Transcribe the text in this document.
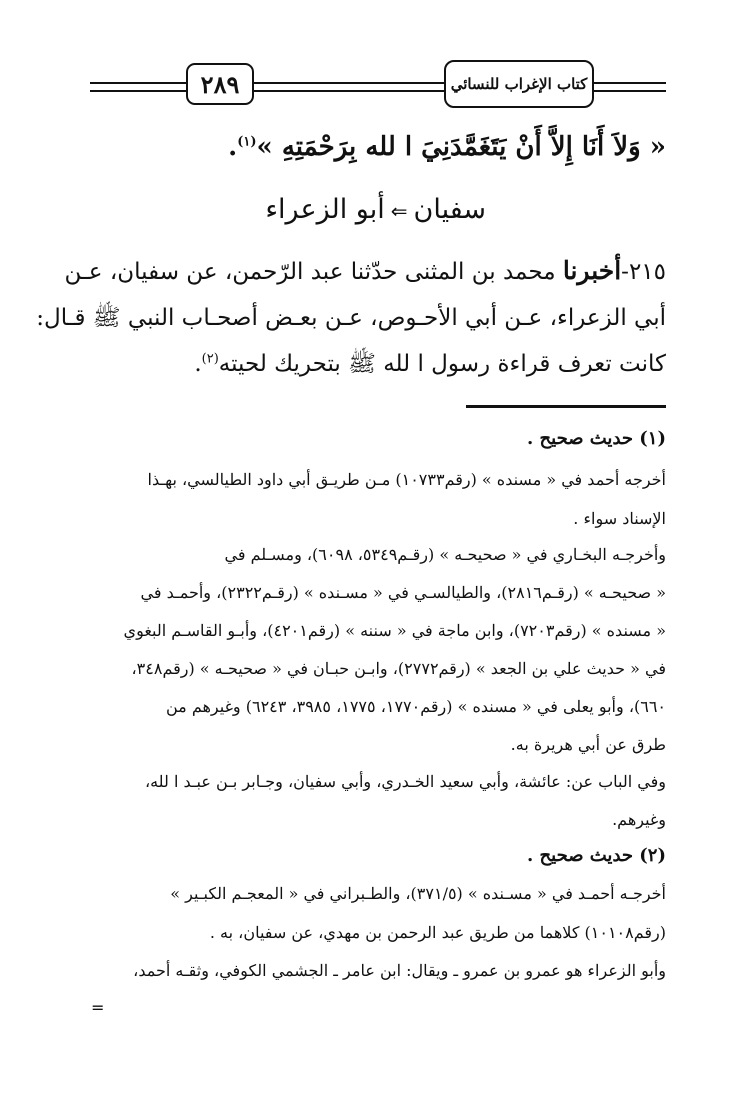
٢٨٩	كتاب الإغراب للنسائي
« وَلاَ أَنَا إِلاَّ أَنْ يَتَغَمَّدَنِيَ ا لله بِرَحْمَتِهِ »$^{(١)}$.
سفيان⇐أبو الزعراء
٢١٥-أخبرنا محمد بن المثنى حدّثنا عبد الرّحمن، عن سفيان، عـن
أبي الزعراء، عـن أبي الأحـوص، عـن بعـض أصحـاب النبي ﷺ قـال:
كانت تعرف قراءة رسول ا لله ﷺ بتحريك لحيته$^{(٢)}$.
(١) حديث صحيح .
أخرجه أحمد في « مسنده » (رقم١٠٧٣٣) مـن طريـق أبي داود الطيالسي، بهـذا
الإسناد سواء .
وأخرجـه البخـاري في « صحيحـه » (رقـم٥٣٤٩، ٦٠٩٨)، ومسـلم في
« صحيحـه » (رقـم٢٨١٦)، والطيالسـي في « مسـنده » (رقـم٢٣٢٢)، وأحمـد في
« مسنده » (رقم٧٢٠٣)، وابن ماجة في « سننه » (رقم٤٢٠١)، وأبـو القاسـم البغوي
في « حديث علي بن الجعد » (رقم٢٧٧٢)، وابـن حبـان في « صحيحـه » (رقم٣٤٨،
٦٦٠)، وأبو يعلى في « مسنده » (رقم١٧٧٠، ١٧٧٥، ٣٩٨٥، ٦٢٤٣) وغيرهم من
طرق عن أبي هريرة به.
وفي الباب عن: عائشة، وأبي سعيد الخـدري، وأبي سفيان، وجـابر بـن عبـد ا لله،
وغيرهم.
(٢) حديث صحيح .
أخرجـه أحمـد في « مسـنده » (٣٧١/٥)، والطـبراني في « المعجـم الكبـير »
(رقم١٠١٠٨) كلاهما من طريق عبد الرحمن بن مهدي، عن سفيان، به .
وأبو الزعراء هو عمرو بن عمرو ـ ويقال: ابن عامر ـ الجشمي الكوفي، وثقـه أحمد،
=
